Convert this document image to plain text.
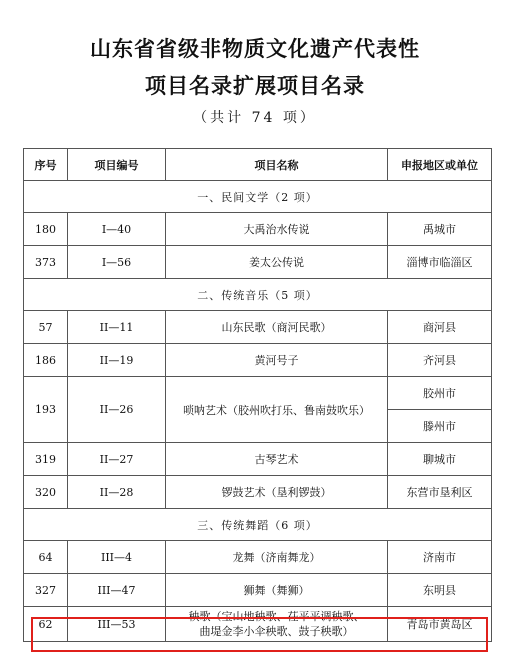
山东省省级非物质文化遗产代表性
项目名录扩展项目名录
（共计 74 项）
序号	项目编号	项目名称	申报地区或单位
一、民间文学（2 项）			
180	I—40	大禹治水传说	禹城市
373	I—56	姜太公传说	淄博市临淄区
二、传统音乐（5 项）			
57	II—11	山东民歌（商河民歌）	商河县
186	II—19	黄河号子	齐河县
193	II—26	唢呐艺术（胶州吹打乐、鲁南鼓吹乐）	胶州市
			滕州市
319	II—27	古琴艺术	聊城市
320	II—28	锣鼓艺术（垦利锣鼓）	东营市垦利区
三、传统舞蹈（6 项）			
64	III—4	龙舞（济南舞龙）	济南市
327	III—47	狮舞（舞狮）	东明县
62	III—53	秧歌（宝山地秧歌、茌平平调秧歌、
曲堤金李小伞秧歌、鼓子秧歌）	青岛市黄岛区
